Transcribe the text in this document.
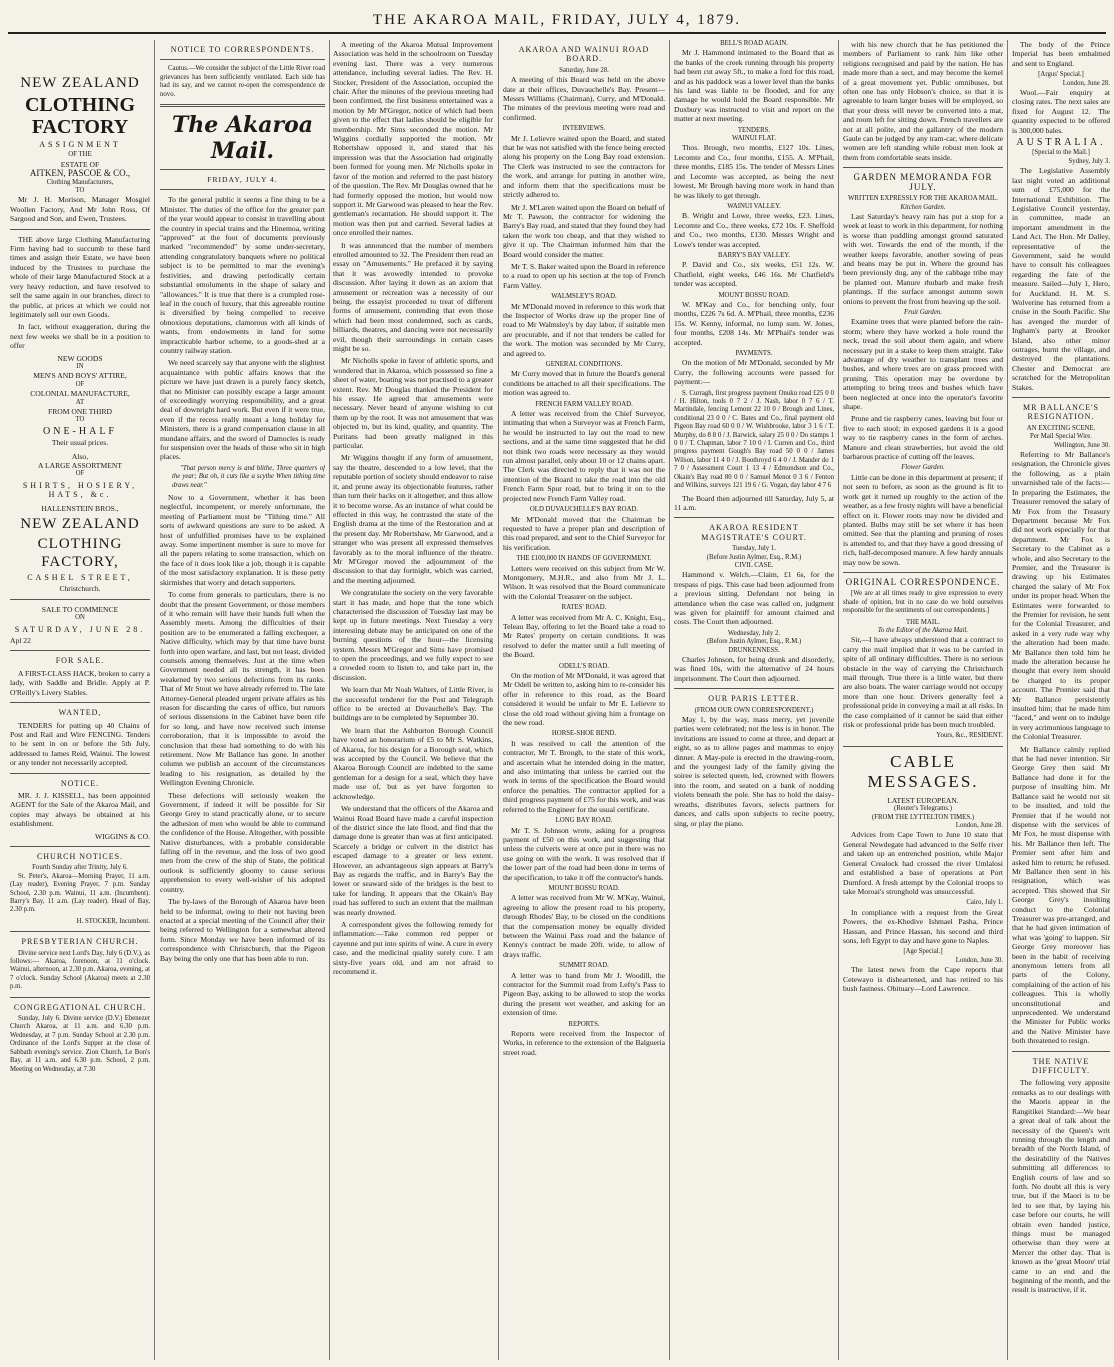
THE AKAROA MAIL, FRIDAY, JULY 4, 1879.
NEW ZEALAND
CLOTHING FACTORY
ASSIGNMENT
OF THE
ESTATE OF
AITKEN, PASCOE & CO.,
Clothing Manufacturers,
TO

Mr J. H. Morison, Manager Mosgiel Woollen Factory, And Mr John Ross, Of Sargood and Son, and Ewen, Trustees.

THE above large Clothing Manufacturing Firm having had to succumb to these hard times and assign their Estate, we have been induced by the Trustees to purchase the whole of their large Manufactured Stock at a very heavy reduction, and have resolved to sell the same again in our branches, direct to the public, at prices at which we could not legitimately sell our own Goods.

In fact, without exaggeration, during the next few weeks we shall be in a position to offer

NEW GOODS
IN
MEN'S AND BOYS' ATTIRE,
OF
COLONIAL MANUFACTURE,
AT
FROM ONE THIRD
TO
ONE-HALF
Their usual prices.
Also,
A LARGE ASSORTMENT
OF
SHIRTS, HOSIERY, HATS, &c.
HALLENSTEIN BROS.,
NEW ZEALAND
CLOTHING FACTORY,
CASHEL STREET,
Christchurch.
SALE TO COMMENCE
ON
SATURDAY, JUNE 28.
Apl 22
FOR SALE.

A FIRST-CLASS HACK, broken to carry a lady, with Saddle and Bridle. Apply at P. O'Reilly's Livery Stables.

WANTED,

TENDERS for putting up 40 Chains of Post and Rail and Wire FENCING. Tenders to be sent in on or before the 5th July, addressed to James Reid, Wainui. The lowest or any tender not necessarily accepted.

NOTICE.

MR. J. J. KISSELL, has been appointed AGENT for the Sale of the Akaroa Mail, and copies may always be obtained at his establishment.

WIGGINS & CO.
CHURCH NOTICES.
Fourth Sunday after Trinity, July 6.

St. Peter's, Akaroa—Morning Prayer, 11 a.m. (Lay reader), Evening Prayer, 7 p.m. Sunday School, 2.30 p.m. Wainui, 11 a.m. (Incumbent). Barry's Bay, 11 a.m. (Lay reader). Head of Bay, 2.30 p.m.

H. STOCKER, Incumbent.
PRESBYTERIAN CHURCH.

Divine service next Lord's Day, July 6 (D.V.), as follows:— Akaroa, forenoon, at 11 o'clock. Wainui, afternoon, at 2.30 p.m. Akaroa, evening, at 7 o'clock. Sunday School (Akaroa) meets at 2.30 p.m.

CONGREGATIONAL CHURCH.

Sunday, July 6. Divine service (D.V.) Ebenezer Church Akaroa, at 11 a.m. and 6.30 p.m. Wednesday, at 7 p.m. Sunday School at 2.30 p.m. Ordinance of the Lord's Supper at the close of Sabbath evening's service. Zion Church, Le Bon's Bay, at 11 a.m. and 6.30 p.m. School, 2 p.m. Meeting on Wednesday, at 7.30

NOTICE TO CORRESPONDENTS.

Cautus.—We consider the subject of the Little River road grievances has been sufficiently ventilated. Each side has had its say, and we cannot re-open the correspondence de novo.

The Akaroa Mail.
FRIDAY, JULY 4.

To the general public it seems a fine thing to be a Minister. The duties of the office for the greater part of the year would appear to consist in travelling about the country in special trains and the Hinemoa, writing "approved" at the foot of documents previously marked "recommended" by some under-secretary, attending congratulatory banquets where no political subject is to be permitted to mar the evening's festivities, and drawing periodically certain substantial emoluments in the shape of salary and "allowances." It is true that there is a crumpled rose-leaf in the couch of luxury, that this agreeable routine is diversified by being compelled to receive obnoxious deputations, clamorous with all kinds of wants, from endowments in land for some impracticable harbor scheme, to a goods-shed at a country railway station.

We need scarcely say that anyone with the slightest acquaintance with public affairs knows that the picture we have just drawn is a purely fancy sketch, that no Minister can possibly escape a large amount of exceedingly worrying responsibility, and a great deal of downright hard work. But even if it were true, even if the recess really meant a long holiday for Ministers, there is a grand compensation clause in all mundane affairs, and the sword of Damocles is ready for suspension over the heads of those who sit in high places.

"That person mercy is and blithe, Three quarters of the year; But oh, it cuts like a scythe When tithing time draws near."

Now to a Government, whether it has been neglectful, incompetent, or merely unfortunate, the meeting of Parliament must be "Tithing time." All sorts of awkward questions are sure to be asked. A host of unfulfilled promises have to be explained away. Some impertinent member is sure to move for all the papers relating to some transaction, which on the face of it does look like a job, though it is capable of the most satisfactory explanation. It is these petty skirmishes that worry and detach supporters.

To come from generals to particulars, there is no doubt that the present Government, or those members of it who remain will have their hands full when the Assembly meets. Among the difficulties of their position are to be enumerated a falling exchequer, a Native difficulty, which may by that time have burst forth into open warfare, and last, but not least, divided counsels among themselves. Just at the time when Government needed all its strength, it has been weakened by two serious defections from its ranks. That of Mr Stout we have already referred to. The late Attorney-General pleaded urgent private affairs as his reason for discarding the cares of office, but rumors of serious dissensions in the Cabinet have been rife for so long, and have now received such intense corroboration, that it is impossible to avoid the conclusion that these had something to do with his retirement. Now Mr Ballance has gone. In another column we publish an account of the circumstances leading to his resignation, as detailed by the Wellington Evening Chronicle.

These defections will seriously weaken the Government, if indeed it will be possible for Sir George Grey to stand practically alone, or to secure the adhesion of men who would be able to command the confidence of the House. Altogether, with possible Native disturbances, with a probable considerable falling off in the revenue, and the loss of two good men from the crew of the ship of State, the political outlook is sufficiently gloomy to cause serious apprehension to every well-wisher of his adopted country.

The by-laws of the Borough of Akaroa have been held to be informal, owing to their not having been enacted at a special meeting of the Council after their being referred to Wellington for a somewhat altered form. Since Monday we have been informed of its correspondence with Christchurch, that the Pigeon Bay being the only one that has been able to run.

A meeting of the Akaroa Mutual Improvement Association was held in the schoolroom on Tuesday evening last. There was a very numerous attendance, including several ladies. The Rev. H. Stocker, President of the Association, occupied the chair. After the minutes of the previous meeting had been confirmed, the first business entertained was a motion by Mr M'Gregor, notice of which had been given to the effect that ladies should be eligible for membership. Mr Sims seconded the motion. Mr Wiggins cordially supported the motion. Mr Robertshaw opposed it, and stated that his impression was that the Association had originally been formed for young men. Mr Nicholls spoke in favor of the motion and referred to the past history of the question. The Rev. Mr Douglas owned that he had formerly opposed the motion, but would now support it. Mr Garwood was pleased to hear the Rev. gentleman's recantation. He should support it. The motion was then put and carried. Several ladies at once enrolled their names.

It was announced that the number of members enrolled amounted to 32. The President then read an essay on "Amusements." He prefaced it by saying that it was avowedly intended to provoke discussion. After laying it down as an axiom that amusement or recreation was a necessity of our being, the essayist proceeded to treat of different forms of amusement, contending that even those which had been most condemned, such as cards, billiards, theatres, and dancing were not necessarily evil, though their surroundings in certain cases might be so.

Mr Nicholls spoke in favor of athletic sports, and wondered that in Akaroa, which possessed so fine a sheet of water, boating was not practised to a greater extent. Rev. Mr Douglas thanked the President for his essay. He agreed that amusements were necessary. Never heard of anyone wishing to cut them up by the root. It was not amusement that was objected to, but its kind, quality, and quantity. The Puritans had been greatly maligned in this particular.

Mr Wiggins thought if any form of amusement, say the theatre, descended to a low level, that the reputable portion of society should endeavor to raise it, and prune away its objectionable features, rather than turn their backs on it altogether, and thus allow it to become worse. As an instance of what could be effected in this way, he contrasted the state of the English drama at the time of the Restoration and at the present day. Mr Robertshaw, Mr Garwood, and a stranger who was present all expressed themselves favorably as to the moral influence of the theatre. Mr M'Gregor moved the adjournment of the discussion to that day fortnight, which was carried, and the meeting adjourned.

We congratulate the society on the very favorable start it has made, and hope that the tone which characterised the discussion of Tuesday last may be kept up in future meetings. Next Tuesday a very interesting debate may be anticipated on one of the burning questions of the hour—the licensing system. Messrs M'Gregor and Sims have promised to open the proceedings, and we fully expect to see a crowded room to listen to, and take part in, the discussion.

We learn that Mr Noah Walters, of Little River, is the successful tenderer for the Post and Telegraph office to be erected at Duvauchelle's Bay. The buildings are to be completed by September 30.

We learn that the Ashburton Borough Council have voted an honorarium of £5 to Mr S. Watkins, of Akaroa, for his design for a Borough seal, which was accepted by the Council. We believe that the Akaroa Borough Council are indebted to the same gentleman for a design for a seal, which they have made use of, but as yet have forgotten to acknowledge.

We understand that the officers of the Akaroa and Wainui Road Board have made a careful inspection of the district since the late flood, and find that the damage done is greater than was at first anticipated. Scarcely a bridge or culvert in the district has escaped damage to a greater or less extent. However, an advantageous sign appears at Barry's Bay as regards the traffic, and in Barry's Bay the lower or seaward side of the bridges is the best to take for landing. It appears that the Okain's Bay road has suffered to such an extent that the mailman was nearly drowned.

A correspondent gives the following remedy for inflammation:—Take common red pepper or cayenne and put into spirits of wine. A cure in every case, and the medicinal quality surely cure. I am sixty-five years old, and am not afraid to recommend it.

AKAROA AND WAINUI ROAD BOARD.
Saturday, June 28.

A meeting of this Board was held on the above date at their offices, Duvauchelle's Bay. Present—Messrs Williams (Chairman), Curry, and M'Donald. The minutes of the previous meeting were read and confirmed.

INTERVIEWS.

Mr J. Lelievre waited upon the Board, and stated that he was not satisfied with the fence being erected along his property on the Long Bay road extension. The Clerk was instructed to see the contractors for the work, and arrange for putting in another wire, and inform them that the specifications must be strictly adhered to.

Mr J. M'Laren waited upon the Board on behalf of Mr T. Pawson, the contractor for widening the Barry's Bay road, and stated that they found they had taken the work too cheap, and that they wished to give it up. The Chairman informed him that the Board would consider the matter.

Mr T. S. Baker waited upon the Board in reference to a road to open up his section at the top of French Farm Valley.

WALMSLEY'S ROAD.

Mr M'Donald moved in reference to this work that the Inspector of Works draw up the proper line of road to Mr Walmsley's by day labor, if suitable men are procurable, and if not that tenders be called for the work. The motion was seconded by Mr Curry, and agreed to.

GENERAL CONDITIONS.

Mr Curry moved that in future the Board's general conditions be attached to all their specifications. The motion was agreed to.

FRENCH FARM VALLEY ROAD.

A letter was received from the Chief Surveyor, intimating that when a Surveyor was at French Farm, he would be instructed to lay out the road to new sections, and at the same time suggested that he did not think two roads were necessary as they would run almost parallel, only about 10 or 12 chains apart. The Clerk was directed to reply that it was not the intention of the Board to take the road into the old French Farm Spur road, but to bring it on to the projected new French Farm Valley road.

OLD DUVAUCHELLE'S BAY ROAD.

Mr M'Donald moved that the Chairman be requested to have a proper plan and description of this road prepared, and sent to the Chief Surveyor for his verification.

THE £100,000 IN HANDS OF GOVERNMENT.

Letters were received on this subject from Mr W. Montgomery, M.H.R., and also from Mr J. L. Wilson. It was resolved that the Board communicate with the Colonial Treasurer on the subject.

RATES' ROAD.

A letter was received from Mr A. C. Knight, Esq., Teleau Bay, offering to let the Board take a road to Mr Rates' property on certain conditions. It was resolved to defer the matter until a full meeting of the Board.

ODELL'S ROAD.

On the motion of Mr M'Donald, it was agreed that Mr Odell be written to, asking him to re-consider his offer in reference to this road, as the Board considered it would be unfair to Mr E. Lelievre to close the old road without giving him a frontage on the new road.

HORSE-SHOE BEND.

It was resolved to call the attention of the contractor, Mr T. Brough, to the state of this work, and ascertain what he intended doing in the matter, and also intimating that unless he carried out the work in terms of the specification the Board would enforce the penalties. The contractor applied for a third progress payment of £75 for this work, and was referred to the Engineer for the usual certificate.

LONG BAY ROAD.

Mr T. S. Johnson wrote, asking for a progress payment of £50 on this work, and suggesting that unless the culverts were at once put in there was no use going on with the work. It was resolved that if the lower part of the road had been done in terms of the specification, to take it off the contractor's hands.

MOUNT BOSSU ROAD.

A letter was received from Mr W. M'Kay, Wainui, agreeing to allow the present road to his property, through Rhodes' Bay, to be closed on the conditions that the compensation money be equally divided between the Wainui Pass road and the balance of Kenny's contract be made 20ft. wide, to allow of drays traffic.

SUMMIT ROAD.

A letter was to hand from Mr J. Woodill, the contractor for the Summit road from Lefty's Pass to Pigeon Bay, asking to be allowed to stop the works during the present wet weather, and asking for an extension of time.

REPORTS.

Reports were received from the Inspector of Works, in reference to the extension of the Balgueria street road.

BELL'S ROAD AGAIN.

Mr J. Hammond intimated to the Board that as the banks of the creek running through his property had been cut away 5ft., to make a ford for this road, and as his paddock was a lower level than the banks his land was liable to be flooded, and for any damage he would hold the Board responsible. Mr Duxbury was instructed to visit and report on the matter at next meeting.

TENDERS.
WAINUI FLAT.

Thos. Brough, two months, £127 10s. Lines, Lecomte and Co., four months, £155. A. M'Phail, three months, £185 15s. The tender of Messrs Lines and Lecomte was accepted, as being the next lowest, Mr Brough having more work in hand than he was likely to get through.

WAINUI VALLEY.

B. Wright and Lowe, three weeks, £23. Lines, Lecomte and Co., three weeks, £72 10s. F. Sheffold and Co., two months, £130. Messrs Wright and Lowe's tender was accepted.

BARRY'S BAY VALLEY.

P. David and Co., six weeks, £51 12s. W. Chatfield, eight weeks, £46 16s. Mr Chatfield's tender was accepted.

MOUNT BOSSU ROAD.

W. M'Kay and Co., for benching only, four months, £226 7s 6d. A. M'Phail, three months, £236 15s. W. Kenny, informal, no lump sum. W. Jones, four months, £208 14s. Mr M'Phail's tender was accepted.

PAYMENTS.

On the motion of Mr M'Donald, seconded by Mr Curry, the following accounts were passed for payment:—

S. Curragh, first progress payment Onuku road £25 0 0 / H. Hilton, tools 0 7 2 / J. Nash, labor 0 7 6 / T. Martindale, fencing Lemont 22 10 0 / Brough and Lines, conditional 23 0 0 / C. Bates and Co., final payment old Pigeon Bay road 60 0 0 / W. Wishbrooke, labor 3 1 6 / T. Murphy, do 8 8 0 / J. Barwick, salary 25 0 0 / Do stamps 1 0 0 / T. Chapman, labor 7 10 0 / I. Curren and Co., third progress payment Gough's Bay road 50 0 0 / James Wilson, labor 11 4 0 / J. Boothroyd 6 4 0 / J. Mander do 1 7 0 / Assessment Court 1 13 4 / Edmondson and Co., Okain's Bay road 80 0 0 / Samuel Menot 0 3 6 / Fenton and Wilkins, surveys 121 19 6 / G. Vogan, day labor 4 7 6

The Board then adjourned till Saturday, July 5, at 11 a.m.

AKAROA RESIDENT MAGISTRATE'S COURT.
Tuesday, July 1.
(Before Justin Aylmer, Esq., R.M.)
CIVIL CASE.

Hammond v. Welch.—Claim, £1 6s, for the trespass of pigs. This case had been adjourned from a previous sitting. Defendant not being in attendance when the case was called on, judgment was given for plaintiff for amount claimed and costs. The Court then adjourned.

Wednesday, July 2.
(Before Justin Aylmer, Esq., R.M.)
DRUNKENNESS.

Charles Johnson, for being drunk and disorderly, was fined 10s, with the alternative of 24 hours imprisonment. The Court then adjourned.

OUR PARIS LETTER.
(FROM OUR OWN CORRESPONDENT.)

May 1, by the way, mass merry, yet juvenile parties were celebrated; not the less is in honor. The invitations are issued to come at three, and depart at eight, so as to allow pages and mammas to enjoy dinner. A May-pole is erected in the drawing-room, and the youngest lady of the family giving the soiree is selected queen, led, crowned with flowers into the room, and seated on a bank of nodding violets beneath the pole. She has to hold the daisy-wreaths, distributes favors, selects partners for dances, and calls upon subjects to recite poetry, sing, or play the piano.

with his new church that he has petitioned the members of Parliament to rank him like other religions recognised and paid by the nation. He has made more than a sect, and may become the kernel of a great movement yet. Public omnibuses, but often one has only Hobson's choice, so that it is agreeable to learn larger buses will be employed, so that your dress will never be converted into a mat, and room left for sitting down. French travellers are not at all polite, and the gallantry of the modern Gaule can be judged by any tram-car, where delicate women are left standing while robust men look at them from comfortable seats inside.

GARDEN MEMORANDA FOR JULY.
WRITTEN EXPRESSLY FOR THE AKAROA MAIL.
Kitchen Garden.

Last Saturday's heavy rain has put a stop for a week at least to work in this department, for nothing is worse than puddling amongst ground saturated with wet. Towards the end of the month, if the weather keeps favorable, another sowing of peas and beans may be put in. Where the ground has been previously dug, any of the cabbage tribe may be planted out. Manure rhubarb and make fresh plantings. If the surface amongst autumn sown onions to prevent the frost from heaving up the soil.

Fruit Garden.

Examine trees that were planted before the rain-storm; where they have worked a hole round the neck, tread the soil about them again, and where necessary put in a stake to keep them straight. Take advantage of dry weather to transplant trees and bushes, and where trees are on grass proceed with pruning. This operation may be overdone by attempting to bring trees and bushes which have been neglected at once into the operator's favorite shape.

Prune and tie raspberry canes, leaving but four or five to each stool; in exposed gardens it is a good way to tie raspberry canes in the form of arches. Manure and clean strawberries, but avoid the old barbarous practice of cutting off the leaves.

Flower Garden.

Little can be done in this department at present; if not seen to before, as soon as the ground is fit to work get it turned up roughly to the action of the weather, as a few frosty nights will have a beneficial effect on it. Flower roots may now be divided and planted. Bulbs may still be set where it has been omitted. See that the planting and pruning of roses is attended to, and that they have a good dressing of rich, half-decomposed manure. A few hardy annuals may now be sown.

ORIGINAL CORRESPONDENCE.

[We are at all times ready to give expression to every shade of opinion, but in no case do we hold ourselves responsible for the sentiments of our correspondents.]

THE MAIL.
To the Editor of the Akaroa Mail.

Sir,—I have always understood that a contract to carry the mail implied that it was to be carried in spite of all ordinary difficulties. There is no serious obstacle in the way of carrying the Christchurch mail through. True there is a little water, but there are also boats. The water carriage would not occupy more than one hour. Drivers generally feel a professional pride in conveying a mail at all risks. In the case complained of it cannot be said that either risk or professional pride has been much troubled.

Yours, &c., RESIDENT.
CABLE MESSAGES.
LATEST EUROPEAN.
(Reuter's Telegrams.)
(FROM THE LYTTELTON TIMES.)
London, June 28.

Advices from Cape Town to June 10 state that General Newdegate had advanced to the Selfe river and taken up an entrenched position, while Major General Crealock had crossed the river Umlalosi and established a base of operations at Port Durnford. A fresh attempt by the Colonial troops to take Moroai's stronghold was unsuccessful.

Cairo, July 1.

In compliance with a request from the Great Powers, the ex-Khedive Ishmael Pasha, Prince Hassan, and Prince Hassan, his second and third sons, left Egypt to day and have gone to Naples.

[Age Special.]
London, June 30.

The latest news from the Cape reports that Cetewayo is disheartened, and has retired to his bush fastness. Obituary—Lord Lawrence.

The body of the Prince Imperial has been embalmed and sent to England.

[Argus' Special.]
London, June 28.

Wool.—Fair enquiry at closing rates. The next sales are fixed for August 12. The quantity expected to be offered is 300,000 bales.

AUSTRALIA.
[Special to the Mail.]
Sydney, July 3.

The Legislative Assembly last night voted an additional sum of £75,000 for the International Exhibition. The Legislative Council yesterday, in committee, made an important amendment in the Land Act. The Hon. Mr Dalley, representative of the Government, said he would have to consult his colleagues regarding the fate of the measure. Sailed—July 1, Hero, for Auckland. H. M. S. Wolverine has returned from a cruise in the South Pacific. She has avenged the murder of Ingham's party at Brooker Island, also other minor outrages, burnt the village, and destroyed the plantations. Chester and Democrat are scratched for the Metropolitan Stakes.

MR BALLANCE'S RESIGNATION.
AN EXCITING SCENE.
Per Mail Special Wire.
Wellington, June 30.

Referring to Mr Ballance's resignation, the Chronicle gives the following, as a plain unvarnished tale of the facts:—In preparing the Estimates, the Treasurer removed the salary of Mr Fox from the Treasury Department because Mr Fox did not work especially for that department. Mr Fox is Secretary to the Cabinet as a whole, and also Secretary to the Premier, and the Treasurer is drawing up his Estimates charged the salary of Mr Fox under its proper head. When the Estimates were forwarded to the Premier for revision, he sent for the Colonial Treasurer, and asked in a very rude way why the alteration had been made. Mr Ballance then told him he made the alteration because he thought that every item should be charged to its proper account. The Premier said that Mr Ballance persistently insulted him; that he made him "faced," and went on to indulge in very acrimonious language to the Colonial Treasurer.

Mr Ballance calmly replied that he had never intention. Sir George Grey then said Mr Ballance had done it for the purpose of insulting him. Mr Ballance said he would not sit to be insulted, and told the Premier that if he would not dispense with the services of Mr Fox, he must dispense with his. Mr Ballance then left. The Premier sent after him and asked him to return; he refused. Mr Ballance then sent in his resignation, which was accepted. This showed that Sir George Grey's insulting conduct to the Colonial Treasurer was pre-arranged, and that he had given intimation of what was 'going' to happen. Sir George Grey moreover has been in the habit of receiving anonymous letters from all parts of the Colony, complaining of the action of his colleagues. This is wholly unconstitutional and unprecedented. We understand the Minister for Public works and the Native Minister have both threatened to resign.

THE NATIVE DIFFICULTY.

The following very apposite remarks as to our dealings with the Maoris appear in the Rangitikei Standard:—We hear a great deal of talk about the necessity of the Queen's writ running through the length and breadth of the North Island, of the desirability of the Natives submitting all differences to English courts of law and so forth. No doubt all this is very true, but if the Maori is to be led to see that, by laying his case before our courts, he will obtain even handed justice, things must be managed otherwise than they were at Mercer the other day. That is known as the 'great Moore' trial came to an end and the beginning of the month, and the result is instructive, if it.
